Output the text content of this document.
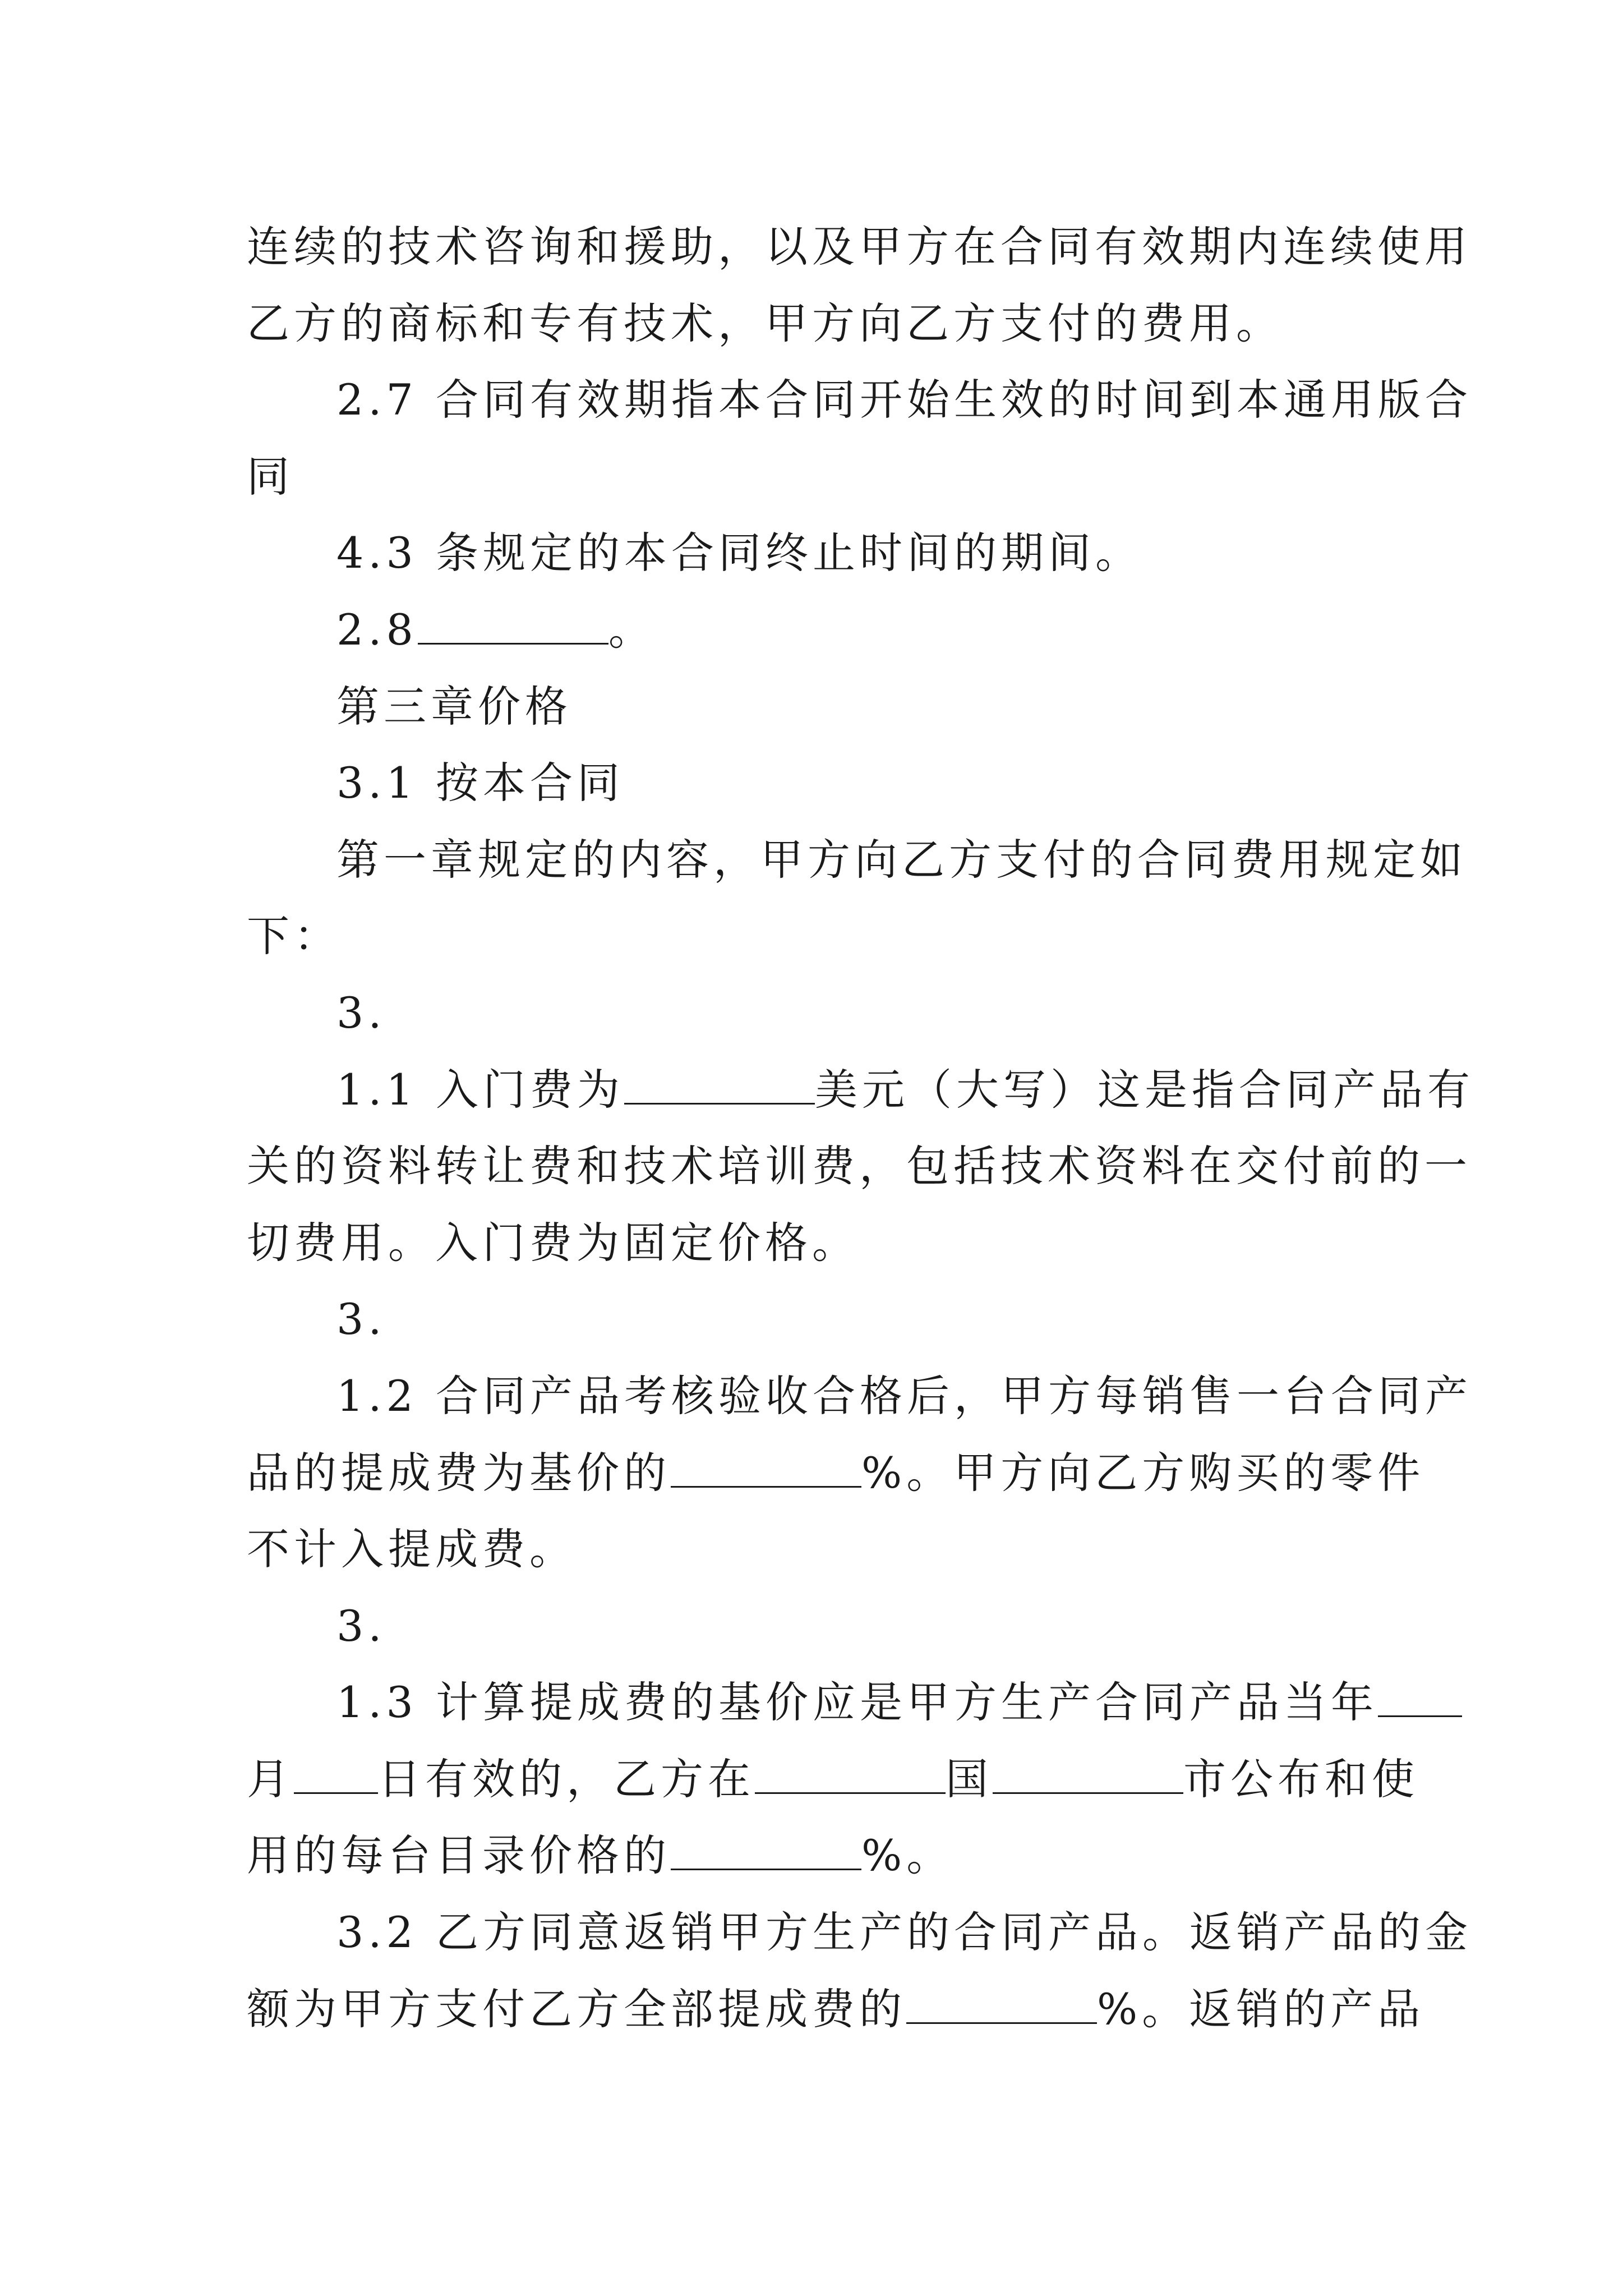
连续的技术咨询和援助，以及甲方在合同有效期内连续使用
乙方的商标和专有技术，甲方向乙方支付的费用。
2.7 合同有效期指本合同开始生效的时间到本通用版合
同
4.3 条规定的本合同终止时间的期间。
2.8	。
第三章价格
3.1 按本合同
第一章规定的内容，甲方向乙方支付的合同费用规定如
下：
3.
1.1 入门费为	美元（大写）这是指合同产品有
关的资料转让费和技术培训费，包括技术资料在交付前的一
切费用。入门费为固定价格。
3.
1.2 合同产品考核验收合格后，甲方每销售一台合同产
品的提成费为基价的	%。甲方向乙方购买的零件
不计入提成费。
3.
1.3 计算提成费的基价应是甲方生产合同产品当年
月 日有效的，乙方在	国	市公布和使
用的每台目录价格的	%。
3.2 乙方同意返销甲方生产的合同产品。返销产品的金
额为甲方支付乙方全部提成费的	%。返销的产品
